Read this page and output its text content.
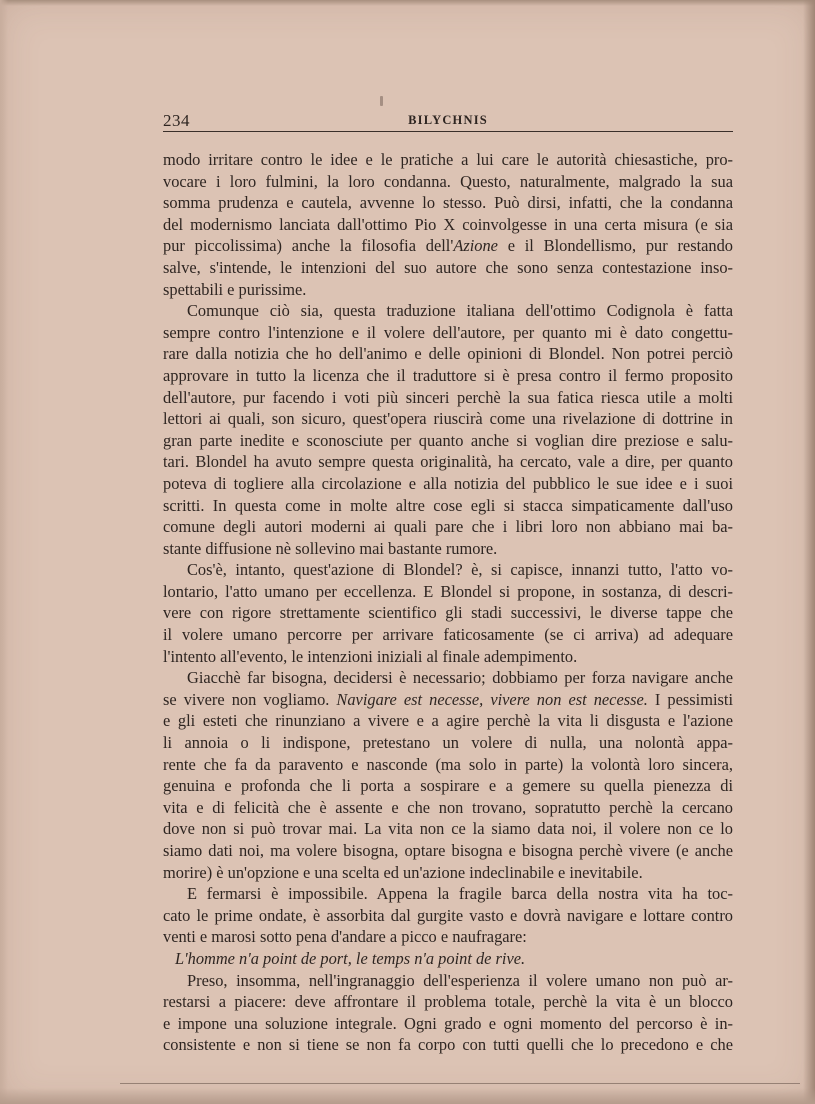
234	BILYCHNIS
modo irritare contro le idee e le pratiche a lui care le autorità chiesastiche, pro-
vocare i loro fulmini, la loro condanna. Questo, naturalmente, malgrado la sua
somma prudenza e cautela, avvenne lo stesso. Può dirsi, infatti, che la condanna
del modernismo lanciata dall'ottimo Pio X coinvolgesse in una certa misura (e sia
pur piccolissima) anche la filosofia dell'Azione e il Blondellismo, pur restando
salve, s'intende, le intenzioni del suo autore che sono senza contestazione inso-
spettabili e purissime.
Comunque ciò sia, questa traduzione italiana dell'ottimo Codignola è fatta
sempre contro l'intenzione e il volere dell'autore, per quanto mi è dato congettu-
rare dalla notizia che ho dell'animo e delle opinioni di Blondel. Non potrei perciò
approvare in tutto la licenza che il traduttore si è presa contro il fermo proposito
dell'autore, pur facendo i voti più sinceri perchè la sua fatica riesca utile a molti
lettori ai quali, son sicuro, quest'opera riuscirà come una rivelazione di dottrine in
gran parte inedite e sconosciute per quanto anche si voglian dire preziose e salu-
tari. Blondel ha avuto sempre questa originalità, ha cercato, vale a dire, per quanto
poteva di togliere alla circolazione e alla notizia del pubblico le sue idee e i suoi
scritti. In questa come in molte altre cose egli si stacca simpaticamente dall'uso
comune degli autori moderni ai quali pare che i libri loro non abbiano mai ba-
stante diffusione nè sollevino mai bastante rumore.
Cos'è, intanto, quest'azione di Blondel? è, si capisce, innanzi tutto, l'atto vo-
lontario, l'atto umano per eccellenza. E Blondel si propone, in sostanza, di descri-
vere con rigore strettamente scientifico gli stadi successivi, le diverse tappe che
il volere umano percorre per arrivare faticosamente (se ci arriva) ad adequare
l'intento all'evento, le intenzioni iniziali al finale adempimento.
Giacchè far bisogna, decidersi è necessario; dobbiamo per forza navigare anche
se vivere non vogliamo. Navigare est necesse, vivere non est necesse. I pessimisti
e gli esteti che rinunziano a vivere e a agire perchè la vita li disgusta e l'azione
li annoia o li indispone, pretestano un volere di nulla, una nolontà appa-
rente che fa da paravento e nasconde (ma solo in parte) la volontà loro sincera,
genuina e profonda che li porta a sospirare e a gemere su quella pienezza di
vita e di felicità che è assente e che non trovano, sopratutto perchè la cercano
dove non si può trovar mai. La vita non ce la siamo data noi, il volere non ce lo
siamo dati noi, ma volere bisogna, optare bisogna e bisogna perchè vivere (e anche
morire) è un'opzione e una scelta ed un'azione indeclinabile e inevitabile.
E fermarsi è impossibile. Appena la fragile barca della nostra vita ha toc-
cato le prime ondate, è assorbita dal gurgite vasto e dovrà navigare e lottare contro
venti e marosi sotto pena d'andare a picco e naufragare:
L'homme n'a point de port, le temps n'a point de rive.
Preso, insomma, nell'ingranaggio dell'esperienza il volere umano non può ar-
restarsi a piacere: deve affrontare il problema totale, perchè la vita è un blocco
e impone una soluzione integrale. Ogni grado e ogni momento del percorso è in-
consistente e non si tiene se non fa corpo con tutti quelli che lo precedono e che
